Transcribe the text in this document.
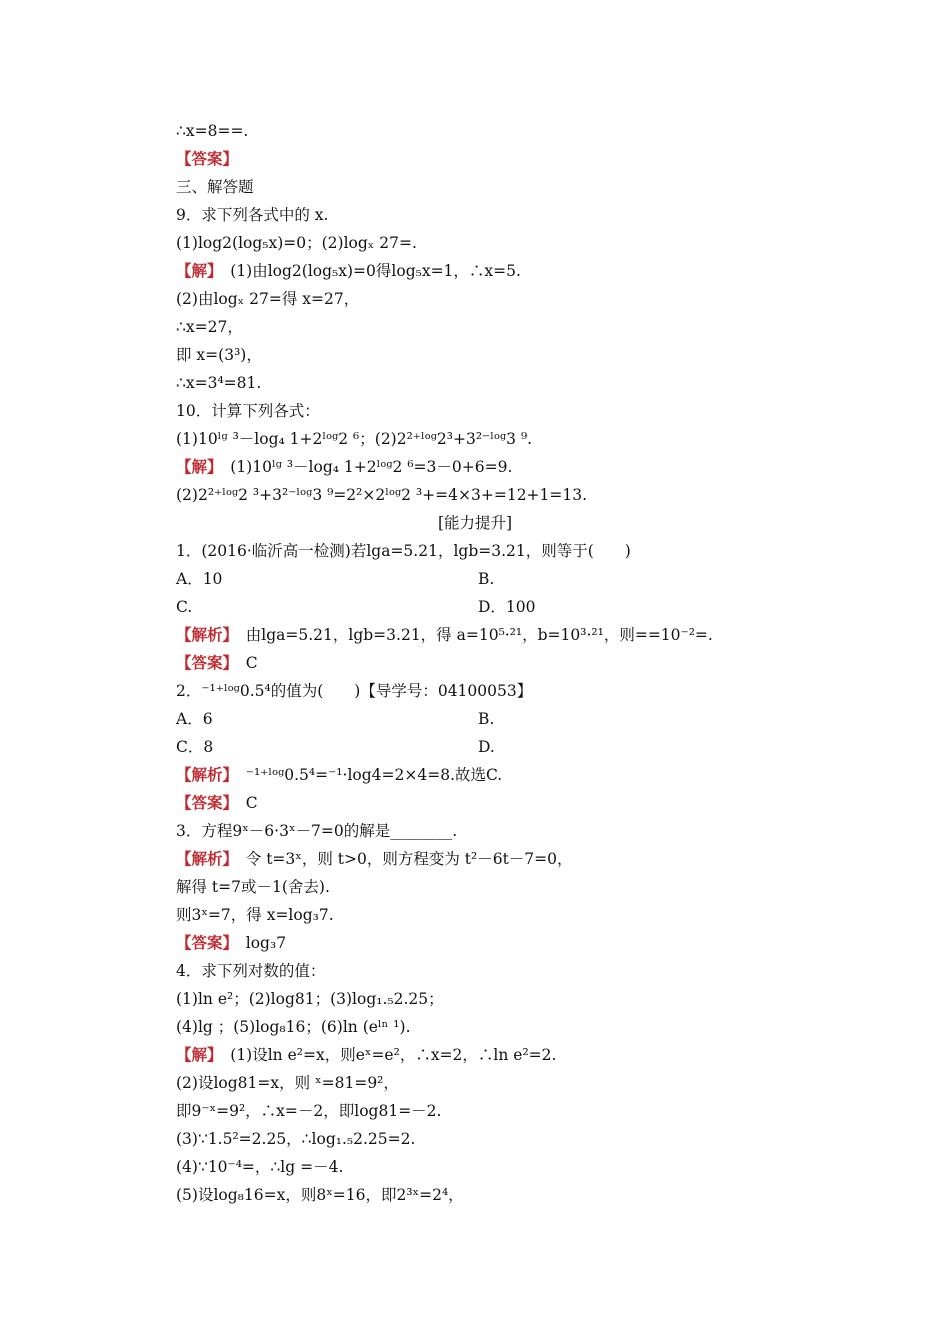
∴x=8==.
【答案】
三、解答题
9．求下列各式中的 x.
(1)log2(log₅x)=0；(2)logₓ 27=.
【解】　(1)由log2(log₅x)=0得log₅x=1，∴x=5.
(2)由logₓ 27=得 x=27，
∴x=27，
即 x=(3³)，
∴x=3⁴=81.
10．计算下列各式：
(1)10ˡᵍ ³－log₄ 1+2ˡᵒᵍ2 ⁶；(2)2²⁺ˡᵒᵍ2³+3²⁻ˡᵒᵍ3 ⁹.
【解】　(1)10ˡᵍ ³－log₄ 1+2ˡᵒᵍ2 ⁶=3－0+6=9.
(2)2²⁺ˡᵒᵍ2 ³+3²⁻ˡᵒᵍ3 ⁹=2²×2ˡᵒᵍ2 ³+=4×3+=12+1=13.
[能力提升]
1．(2016·临沂高一检测)若lga=5.21，lgb=3.21，则等于(　　)
A．10	B.
C.	D．100
【解析】　由lga=5.21，lgb=3.21，得 a=10⁵·²¹，b=10³·²¹，则==10⁻²=.
【答案】　C
2．⁻¹⁺ˡᵒᵍ0.5⁴的值为(　　)【导学号：04100053】
A．6	B.
C．8	D.
【解析】　⁻¹⁺ˡᵒᵍ0.5⁴=⁻¹·log4=2×4=8.故选C.
【答案】　C
3．方程9ˣ－6·3ˣ－7=0的解是________.
【解析】　令 t=3ˣ，则 t>0，则方程变为 t²－6t－7=0，
解得 t=7或－1(舍去).
则3ˣ=7，得 x=log₃7.
【答案】　log₃7
4．求下列对数的值：
(1)ln e²；(2)log81；(3)log₁.₅2.25；
(4)lg ；(5)log₈16；(6)ln (eˡⁿ ¹).
【解】　(1)设ln e²=x，则eˣ=e²，∴x=2，∴ln e²=2.
(2)设log81=x，则 ˣ=81=9²，
即9⁻ˣ=9²，∴x=－2，即log81=－2.
(3)∵1.5²=2.25，∴log₁.₅2.25=2.
(4)∵10⁻⁴=，∴lg =－4.
(5)设log₈16=x，则8ˣ=16，即2³ˣ=2⁴，
